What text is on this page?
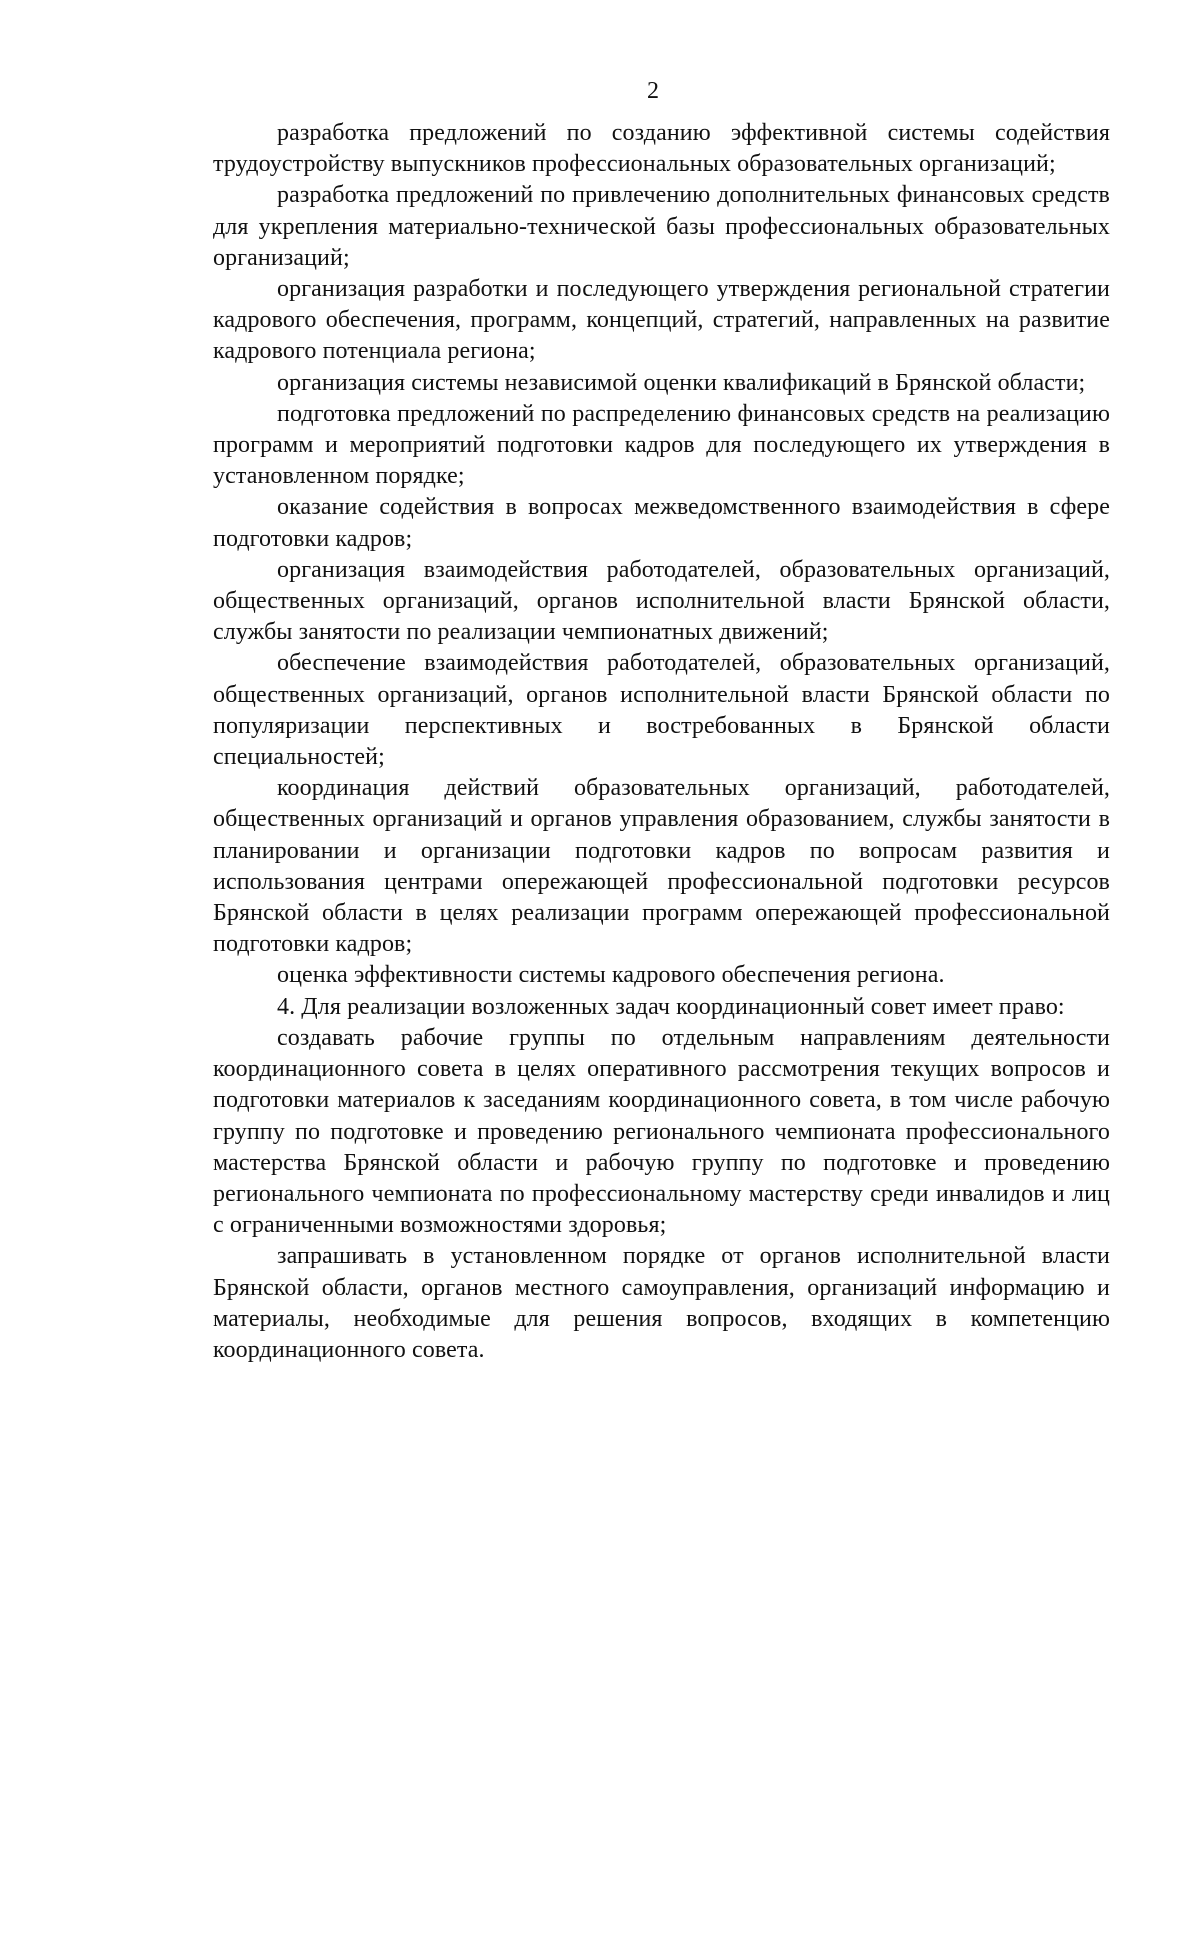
2

разработка предложений по созданию эффективной системы содействия трудоустройству выпускников профессиональных образовательных организаций;

разработка предложений по привлечению дополнительных финансовых средств для укрепления материально-технической базы профессиональных образовательных организаций;

организация разработки и последующего утверждения региональной стратегии кадрового обеспечения, программ, концепций, стратегий, направленных на развитие кадрового потенциала региона;

организация системы независимой оценки квалификаций в Брянской области;

подготовка предложений по распределению финансовых средств на реализацию программ и мероприятий подготовки кадров для последующего их утверждения в установленном порядке;

оказание содействия в вопросах межведомственного взаимодействия в сфере подготовки кадров;

организация взаимодействия работодателей, образовательных организаций, общественных организаций, органов исполнительной власти Брянской области, службы занятости по реализации чемпионатных движений;

обеспечение взаимодействия работодателей, образовательных организаций, общественных организаций, органов исполнительной власти Брянской области по популяризации перспективных и востребованных в Брянской области специальностей;

координация действий образовательных организаций, работодателей, общественных организаций и органов управления образованием, службы занятости в планировании и организации подготовки кадров по вопросам развития и использования центрами опережающей профессиональной подготовки ресурсов Брянской области в целях реализации программ опережающей профессиональной подготовки кадров;

оценка эффективности системы кадрового обеспечения региона.

4. Для реализации возложенных задач координационный совет имеет право:

создавать рабочие группы по отдельным направлениям деятельности координационного совета в целях оперативного рассмотрения текущих вопросов и подготовки материалов к заседаниям координационного совета, в том числе рабочую группу по подготовке и проведению регионального чемпионата профессионального мастерства Брянской области и рабочую группу по подготовке и проведению регионального чемпионата по профессиональному мастерству среди инвалидов и лиц с ограниченными возможностями здоровья;

запрашивать в установленном порядке от органов исполнительной власти Брянской области, органов местного самоуправления, организаций информацию и материалы, необходимые для решения вопросов, входящих в компетенцию координационного совета.
